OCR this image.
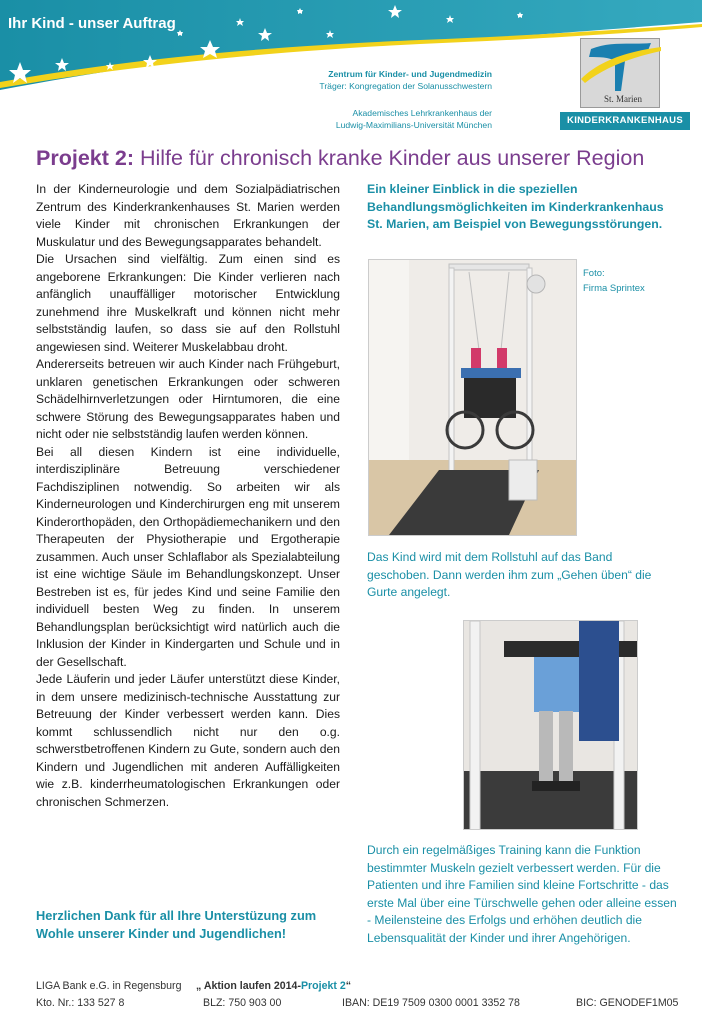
Ihr Kind - unser Auftrag
Zentrum für Kinder- und Jugendmedizin
Träger: Kongregation der Solanusschwestern
Akademisches Lehrkrankenhaus der
Ludwig-Maximilians-Universität München
St. Marien
KINDERKRANKENHAUS
Projekt 2: Hilfe für chronisch kranke Kinder aus unserer Region

In der Kinderneurologie und dem Sozialpädiatrischen Zentrum des Kinderkrankenhauses St. Marien werden viele Kinder mit chronischen Erkrankungen der Muskulatur und des Bewegungsapparates behandelt.

Die Ursachen sind vielfältig. Zum einen sind es angeborene Erkrankungen: Die Kinder verlieren nach anfänglich unauffälliger motorischer Entwicklung zunehmend ihre Muskelkraft und können nicht mehr selbstständig laufen, so dass sie auf den Rollstuhl angewiesen sind. Weiterer Muskelabbau droht.

Andererseits betreuen wir auch Kinder nach Frühgeburt, unklaren genetischen Erkrankungen oder schweren Schädelhirnverletzungen oder Hirntumoren, die eine schwere Störung des Bewegungsapparates haben und nicht oder nie selbstständig laufen werden können.

Bei all diesen Kindern ist eine individuelle, interdisziplinäre Betreuung verschiedener Fachdisziplinen notwendig. So arbeiten wir als Kinderneurologen und Kinderchirurgen eng mit unserem Kinderorthopäden, den Orthopädiemechanikern und den Therapeuten der Physiotherapie und Ergotherapie zusammen. Auch unser Schlaflabor als Spezialabteilung ist eine wichtige Säule im Behandlungskonzept. Unser Bestreben ist es, für jedes Kind und seine Familie den individuell besten Weg zu finden. In unserem Behandlungsplan berücksichtigt wird natürlich auch die Inklusion der Kinder in Kindergarten und Schule und in der Gesellschaft.

Jede Läuferin und jeder Läufer unterstützt diese Kinder, in dem unsere medizinisch-technische Ausstattung zur Betreuung der Kinder verbessert werden kann. Dies kommt schlussendlich nicht nur den o.g. schwerstbetroffenen Kindern zu Gute, sondern auch den Kindern und Jugendlichen mit anderen Auffälligkeiten wie z.B. kinderrheumatologischen Erkrankungen oder chronischen Schmerzen.

Herzlichen Dank für all Ihre Unterstüzung zum Wohle unserer Kinder und Jugendlichen!
Ein kleiner Einblick in die speziellen Behandlungsmöglichkeiten im Kinderkrankenhaus St. Marien, am Beispiel von Bewegungsstörungen.
Foto:
Firma Sprintex
Das Kind wird mit dem Rollstuhl auf das Band geschoben. Dann werden ihm zum „Gehen üben“ die Gurte angelegt.
Durch ein regelmäßiges Training kann die Funktion bestimmter Muskeln gezielt verbessert werden. Für die Patienten und ihre Familien sind kleine Fortschritte - das erste Mal über eine Türschwelle gehen oder alleine essen - Meilensteine des Erfolgs und erhöhen deutlich die Lebensqualität der Kinder und ihrer Angehörigen.
LIGA Bank e.G. in Regensburg „ Aktion laufen 2014-Projekt 2“
Kto. Nr.: 133 527 8	BLZ: 750 903 00	IBAN: DE19 7509 0300 0001 3352 78	BIC: GENODEF1M05
